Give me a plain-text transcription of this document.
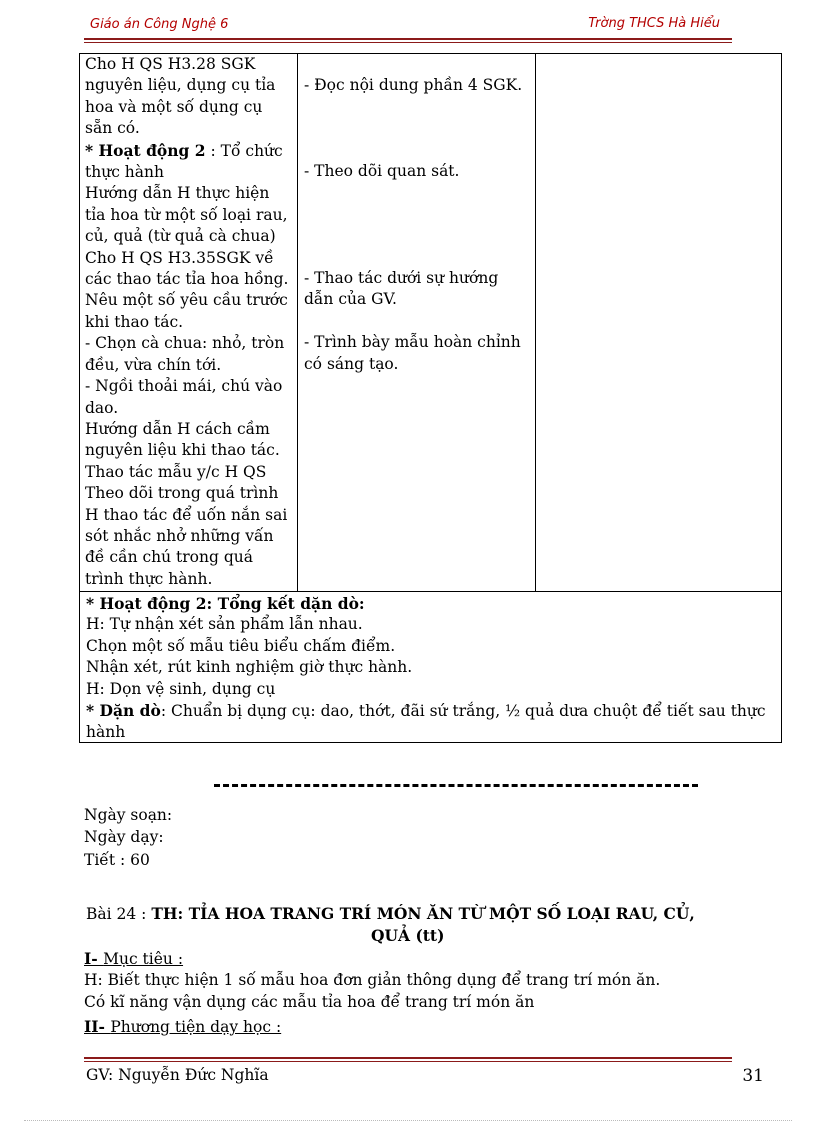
Giáo án Công Nghệ 6	Trờng THCS Hà Hiểu
Cho H QS H3.28 SGK
nguyên liệu, dụng cụ tỉa
hoa và một số dụng cụ
sẵn có.
* Hoạt động 2 : Tổ chức
thực hành
Hướng dẫn H thực hiện
tỉa hoa từ một số loại rau,
củ, quả (từ quả cà chua)
Cho H QS H3.35SGK về
các thao tác tỉa hoa hồng.
Nêu một số yêu cầu trước
khi thao tác.
- Chọn cà chua: nhỏ, tròn
đều, vừa chín tới.
- Ngồi thoải mái, chú vào
dao.
Hướng dẫn H cách cầm
nguyên liệu khi thao tác.
Thao tác mẫu y/c H QS
Theo dõi trong quá trình
H thao tác để uốn nắn sai
sót nhắc nhở những vấn
đề cần chú trong quá
trình thực hành.
- Đọc nội dung phần 4 SGK.
- Theo dõi quan sát.
- Thao tác dưới sự hướng
dẫn của GV.
- Trình bày mẫu hoàn chỉnh
có sáng tạo.
* Hoạt động 2: Tổng kết dặn dò:
H: Tự nhận xét sản phẩm lẫn nhau.
Chọn một số mẫu tiêu biểu chấm điểm.
Nhận xét, rút kinh nghiệm giờ thực hành.
H: Dọn vệ sinh, dụng cụ
* Dặn dò: Chuẩn bị dụng cụ: dao, thớt, đãi sứ trắng, ½ quả dưa chuột để tiết sau thực
hành
Ngày soạn:
Ngày dạy:
Tiết : 60
Bài 24 : TH: TỈA HOA TRANG TRÍ MÓN ĂN TỪ MỘT SỐ LOẠI RAU, CỦ,
QUẢ (tt)
I- Mục tiêu :
H: Biết thực hiện 1 số mẫu hoa đơn giản thông dụng để trang trí món ăn.
Có kĩ năng vận dụng các mẫu tỉa hoa để trang trí món ăn
II- Phương tiện dạy học :
GV: Nguyễn Đức Nghĩa	31
